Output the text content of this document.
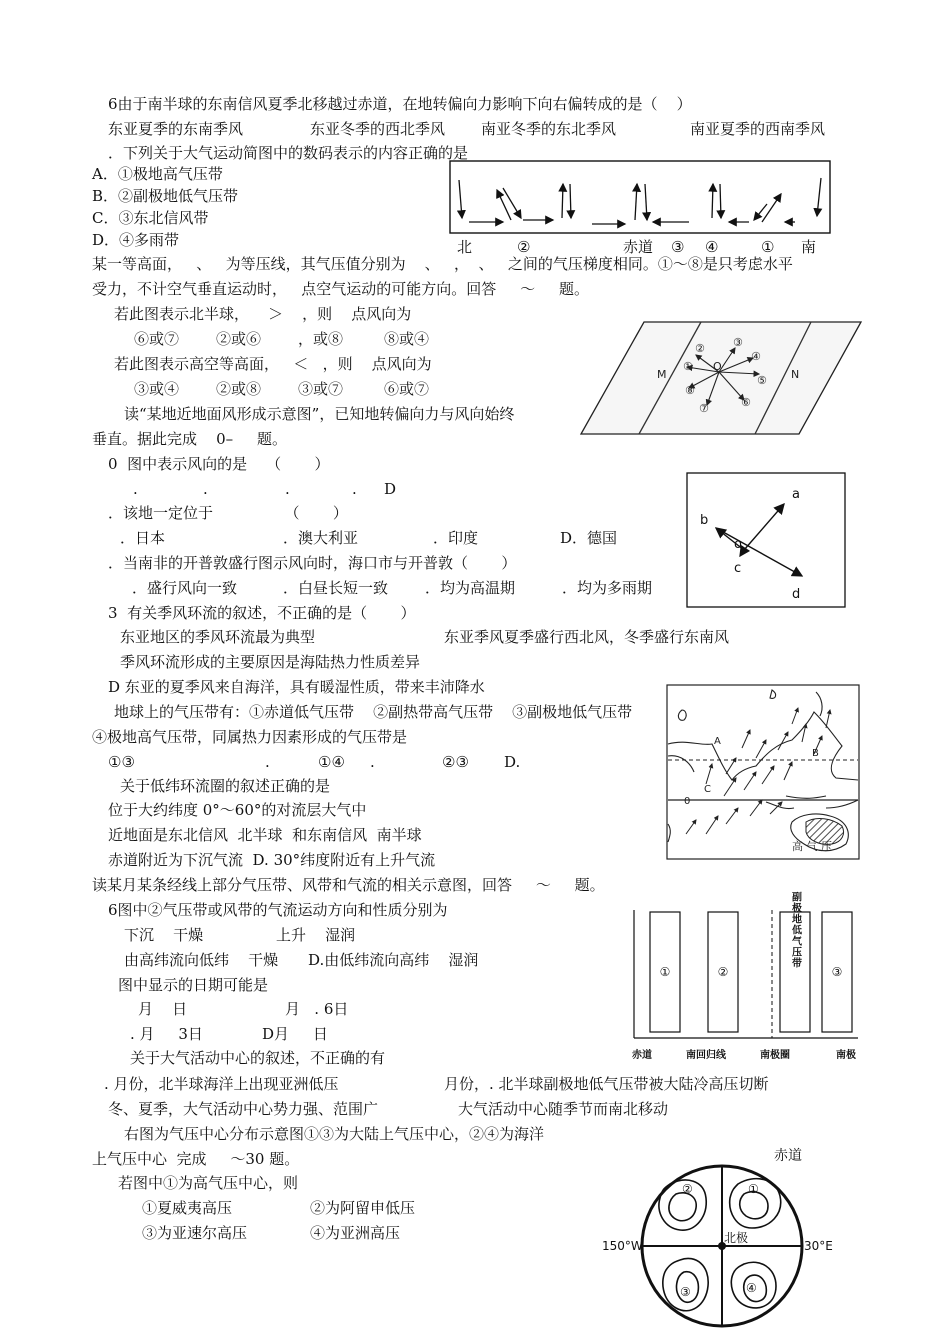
6由于南半球的东南信风夏季北移越过赤道，在地转偏向力影响下向右偏转成的是（    ）
东亚夏季的东南季风	东亚冬季的西北季风 南亚冬季的东北季风	南亚夏季的西南季风
．下列关于大气运动简图中的数码表示的内容正确的是
A．①极地高气压带
B．②副极地低气压带
C．③东北信风带
D．④多雨带
某一等高面，   、   为等压线，其气压值分别为    、   ，  、   之间的气压梯度相同。①～⑧是只考虑水平
受力，不计空气垂直运动时，   点空气运动的可能方向。回答     ～     题。
若此图表示北半球，    ＞    ，则    点风向为
⑥或⑦ ②或⑥ ，或⑧	⑧或④
若此图表示高空等高面，   ＜   ，则    点风向为
③或④ ②或⑧ ③或⑦	⑥或⑦
读“某地近地面风形成示意图”，已知地转偏向力与风向始终
垂直。据此完成    0–     题。
0  图中表示风向的是    （       ）
.	.	.	. D
．该地一定位于               （       ）
．日本	．澳大利亚	．印度	D．德国
．当南非的开普敦盛行图示风向时，海口市与开普敦（       ）
．盛行风向一致	．白昼长短一致 ．均为高温期	．均为多雨期
3  有关季风环流的叙述，不正确的是（       ）
东亚地区的季风环流最为典型	东亚季风夏季盛行西北风，冬季盛行东南风
季风环流形成的主要原因是海陆热力性质差异
D 东亚的夏季风来自海洋，具有暖湿性质，带来丰沛降水
地球上的气压带有：①赤道低气压带    ②副热带高气压带    ③副极地低气压带
④极地高气压带，同属热力因素形成的气压带是
①③	.	①④ .	②③ D.
关于低纬环流圈的叙述正确的是
位于大约纬度 0°～60°的对流层大气中
近地面是东北信风  北半球  和东南信风  南半球
赤道附近为下沉气流  D. 30°纬度附近有上升气流
读某月某条经线上部分气压带、风带和气流的相关示意图，回答     ～     题。
6图中②气压带或风带的气流运动方向和性质分别为
下沉    干燥	上升    湿润
由高纬流向低纬    干燥 D.由低纬流向高纬    湿润
图中显示的日期可能是
月    日	月   . 6日
. 月     3日	D月     日
关于大气活动中心的叙述，不正确的有
. 月份，北半球海洋上出现亚洲低压	月份，. 北半球副极地低气压带被大陆冷高压切断
冬、夏季，大气活动中心势力强、范围广	大气活动中心随季节而南北移动
右图为气压中心分布示意图①③为大陆上气压中心，②④为海洋
上气压中心  完成     ～30 题。
若图中①为高气压中心，则
①夏威夷高压	②为阿留申低压
③为亚速尔高压	④为亚洲高压
北	②	赤道 ③ ④	① 南
M	N
O
①
②	③
④
⑤
⑥
⑦
⑧
a
b
o
c
d
A
B
C
0
高 气 压
①	②
副极地低气压带
③
赤道	南回归线	南极圈	南极
赤道
①
②
北极
150°W	30°E
③	④
